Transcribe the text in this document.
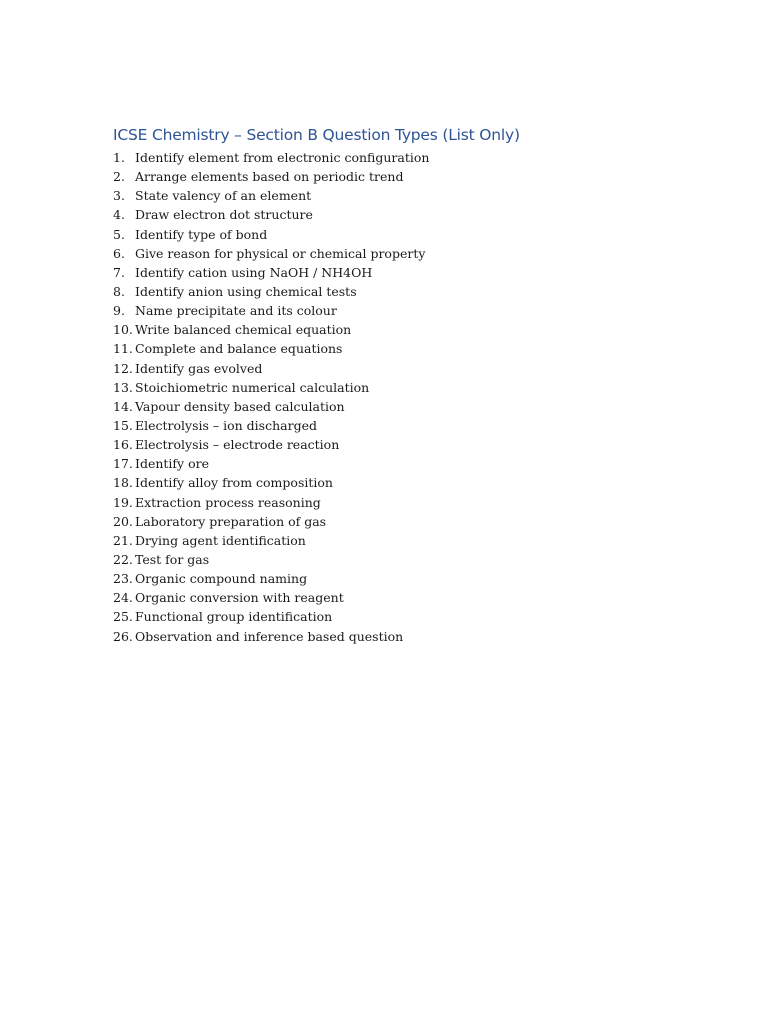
ICSE Chemistry – Section B Question Types (List Only)
1. Identify element from electronic configuration
2. Arrange elements based on periodic trend
3. State valency of an element
4. Draw electron dot structure
5. Identify type of bond
6. Give reason for physical or chemical property
7. Identify cation using NaOH / NH4OH
8. Identify anion using chemical tests
9. Name precipitate and its colour
10. Write balanced chemical equation
11. Complete and balance equations
12. Identify gas evolved
13. Stoichiometric numerical calculation
14. Vapour density based calculation
15. Electrolysis – ion discharged
16. Electrolysis – electrode reaction
17. Identify ore
18. Identify alloy from composition
19. Extraction process reasoning
20. Laboratory preparation of gas
21. Drying agent identification
22. Test for gas
23. Organic compound naming
24. Organic conversion with reagent
25. Functional group identification
26. Observation and inference based question
